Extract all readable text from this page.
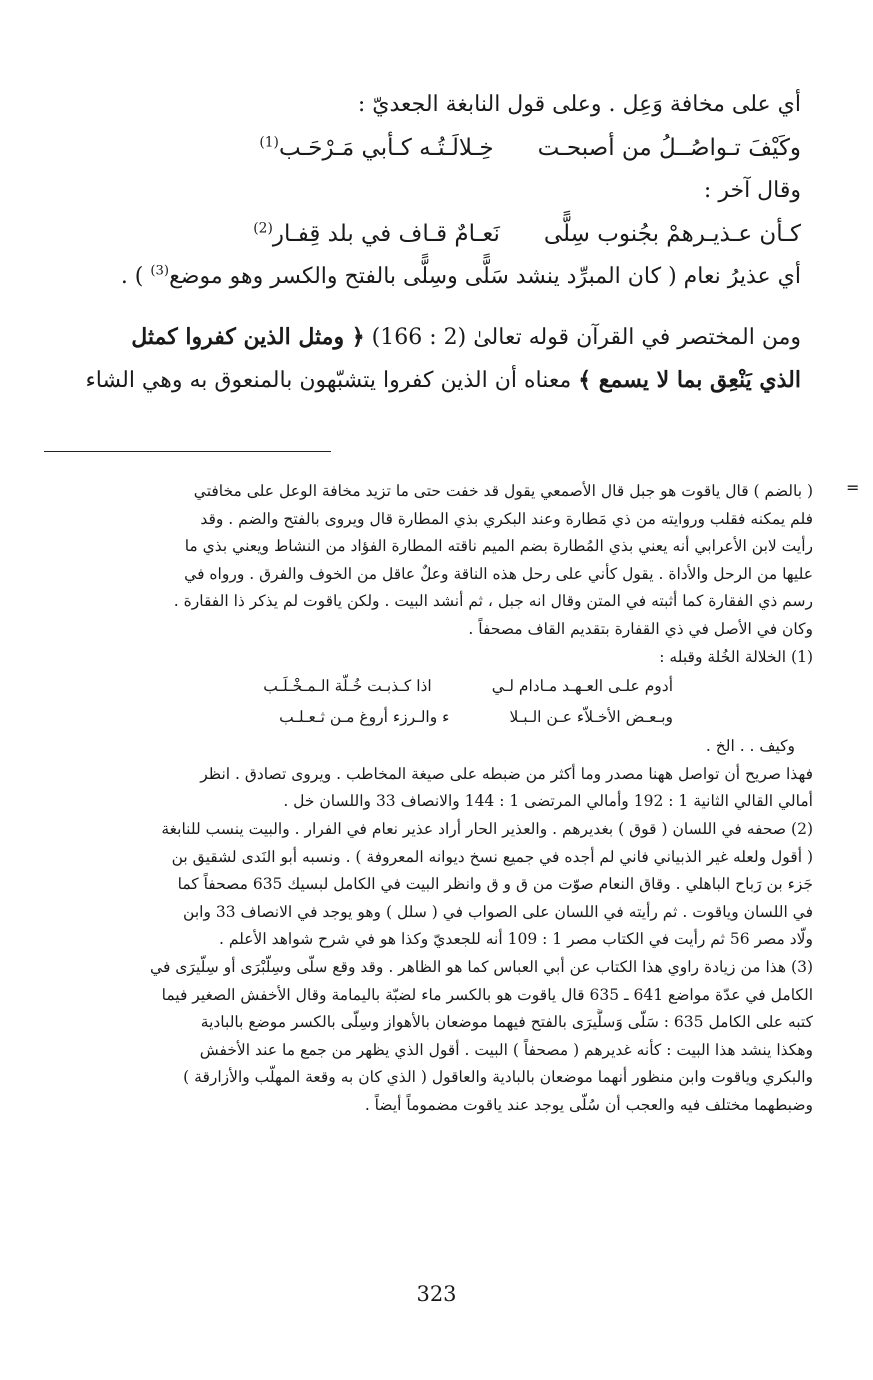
أي على مخافة وَعِل . وعلى قول النابغة الجعديّ :
وكَيْفَ تـواصُــلُ من أصبحـت
خِـلالَـتُـه كـأبي مَـرْحَـب$^{(1)}$
وقال آخر :
كـأن عـذيـرهمْ بجُنوب سِلًّى
نَعـامٌ قـاف في بلد قِفـار$^{(2)}$
أي عذيرُ نعام ( كان المبرِّد ينشد سَلًّى وسِلًّى بالفتح والكسر وهو موضع$^{(3)}$ ) .
ومن المختصر في القرآن قوله تعالىٰ (2 : 166) ﴿ ومثل الذين كفروا كمثل
الذي يَنْعِق بما لا يسمع ﴾ معناه أن الذين كفروا يتشبّهون بالمنعوق به وهي الشاء
=
( بالضم ) قال ياقوت هو جبل قال الأصمعي يقول قد خفت حتى ما تزيد مخافة الوعل على مخافتي
فلم يمكنه فقلب وروايته من ذي مَطارة وعند البكري بذي المطارة قال ويروى بالفتح والضم . وقد
رأيت لابن الأعرابي أنه يعني بذي المُطارة بضم الميم ناقته المطارة الفؤاد من النشاط ويعني بذي ما
عليها من الرحل والأداة . يقول كأني على رحل هذه الناقة وعلٌ عاقل من الخوف والفرق . ورواه في
رسم ذي الفقارة كما أثبته في المتن وقال انه جبل ، ثم أنشد البيت . ولكن ياقوت لم يذكر ذا الفقارة .
وكان في الأصل في ذي القفارة بتقديم القاف مصحفاً .
(1) الخلالة الخُلة وقبله :
أدوم علـى العـهـد مـادام لـي
اذا كـذبـت خُـلّة الـمـخْـلَـب
وبـعـض الأخـلاّء عـن الـبـلا
ء والـرزء أروغ مـن ثـعـلـب
وكيف . . الخ .
فهذا صريح أن تواصل ههنا مصدر وما أكثر من ضبطه على صيغة المخاطب . ويروى تصادق . انظر
أمالي القالي الثانية 1 : 192 وأمالي المرتضى 1 : 144 والانصاف 33 واللسان خل .
(2) صحفه في اللسان ( قوق ) بغديرهم . والعذير الحار أراد عذير نعام في الفرار . والبيت ينسب للنابغة
( أقول ولعله غير الذبياني فاني لم أجده في جميع نسخ ديوانه المعروفة ) . ونسبه أبو النَدى لشقيق بن
جَزء بن رَباح الباهلي . وقاق النعام صوّت من ق و ق وانظر البيت في الكامل لبسيك 635 مصحفاً كما
في اللسان وياقوت . ثم رأيته في اللسان على الصواب في ( سلل ) وهو يوجد في الانصاف 33 وابن
ولّاد مصر 56 ثم رأيت في الكتاب مصر 1 : 109 أنه للجعديّ وكذا هو في شرح شواهد الأعلم .
(3) هذا من زيادة راوي هذا الكتاب عن أبي العباس كما هو الظاهر . وقد وقع سلّى وسِلّبْرَى أو سِلّيرَى في
الكامل في عدّة مواضع 641 ـ 635 قال ياقوت هو بالكسر ماء لضبّة باليمامة وقال الأخفش الصغير فيما
كتبه على الكامل 635 : سَلّى وَسلَّيرَى بالفتح فيهما موضعان بالأهواز وسِلّى بالكسر موضع بالبادية
وهكذا ينشد هذا البيت : كأنه غديرهم ( مصحفاً ) البيت . أقول الذي يظهر من جمع ما عند الأخفش
والبكري وياقوت وابن منظور أنهما موضعان بالبادية والعاقول ( الذي كان به وقعة المهلّب والأزارقة )
وضبطهما مختلف فيه والعجب أن سُلّى يوجد عند ياقوت مضموماً أيضاً .
323
